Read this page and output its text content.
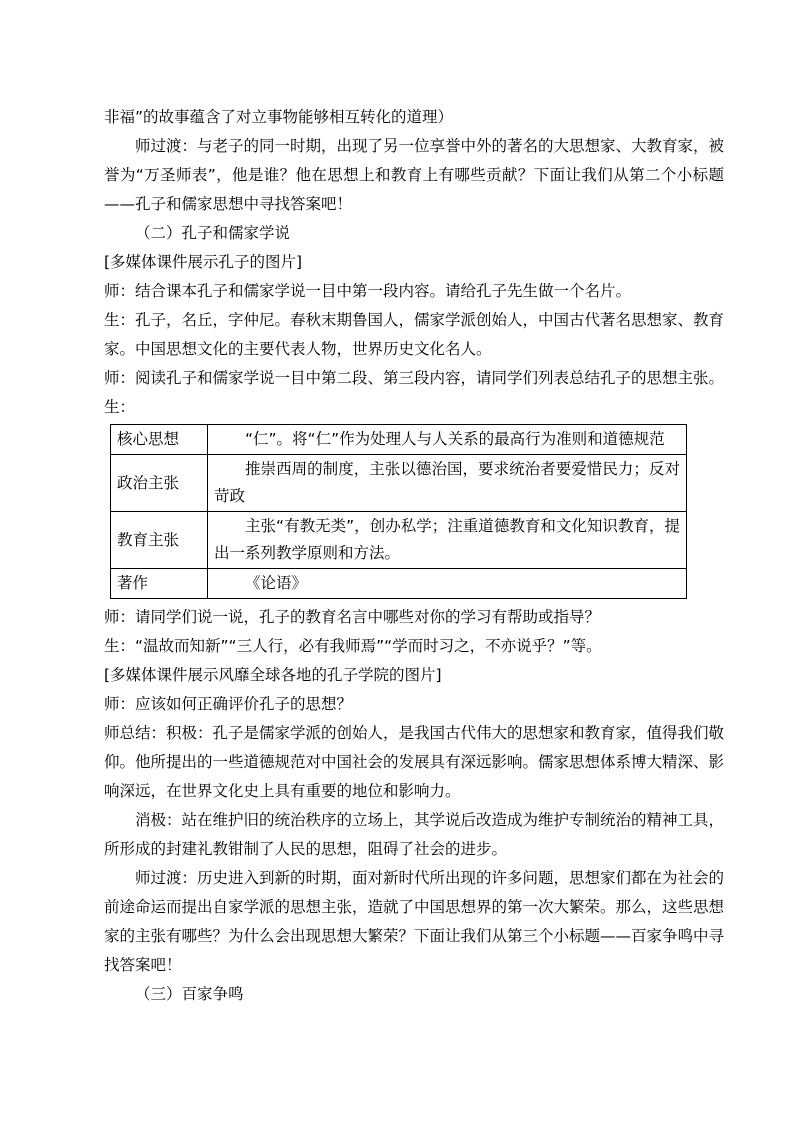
非福”的故事蕴含了对立事物能够相互转化的道理）

师过渡：与老子的同一时期，出现了另一位享誉中外的著名的大思想家、大教育家，被誉为“万圣师表”，他是谁？他在思想上和教育上有哪些贡献？下面让我们从第二个小标题——孔子和儒家思想中寻找答案吧！

（二）孔子和儒家学说

[多媒体课件展示孔子的图片]

师：结合课本孔子和儒家学说一目中第一段内容。请给孔子先生做一个名片。

生：孔子，名丘，字仲尼。春秋末期鲁国人，儒家学派创始人，中国古代著名思想家、教育家。中国思想文化的主要代表人物，世界历史文化名人。

师：阅读孔子和儒家学说一目中第二段、第三段内容，请同学们列表总结孔子的思想主张。

生：

核心思想	“仁”。将“仁”作为处理人与人关系的最高行为准则和道德规范
政治主张	推崇西周的制度，主张以德治国，要求统治者要爱惜民力；反对苛政
教育主张	主张“有教无类”，创办私学；注重道德教育和文化知识教育，提出一系列教学原则和方法。
著作	《论语》

师：请同学们说一说，孔子的教育名言中哪些对你的学习有帮助或指导？

生：“温故而知新”“三人行，必有我师焉”“学而时习之，不亦说乎？”等。

[多媒体课件展示风靡全球各地的孔子学院的图片]

师：应该如何正确评价孔子的思想？

师总结：积极：孔子是儒家学派的创始人，是我国古代伟大的思想家和教育家，值得我们敬仰。他所提出的一些道德规范对中国社会的发展具有深远影响。儒家思想体系博大精深、影响深远，在世界文化史上具有重要的地位和影响力。

消极：站在维护旧的统治秩序的立场上，其学说后改造成为维护专制统治的精神工具，所形成的封建礼教钳制了人民的思想，阻碍了社会的进步。

师过渡：历史进入到新的时期，面对新时代所出现的许多问题，思想家们都在为社会的前途命运而提出自家学派的思想主张，造就了中国思想界的第一次大繁荣。那么，这些思想家的主张有哪些？为什么会出现思想大繁荣？下面让我们从第三个小标题——百家争鸣中寻找答案吧！

（三）百家争鸣
